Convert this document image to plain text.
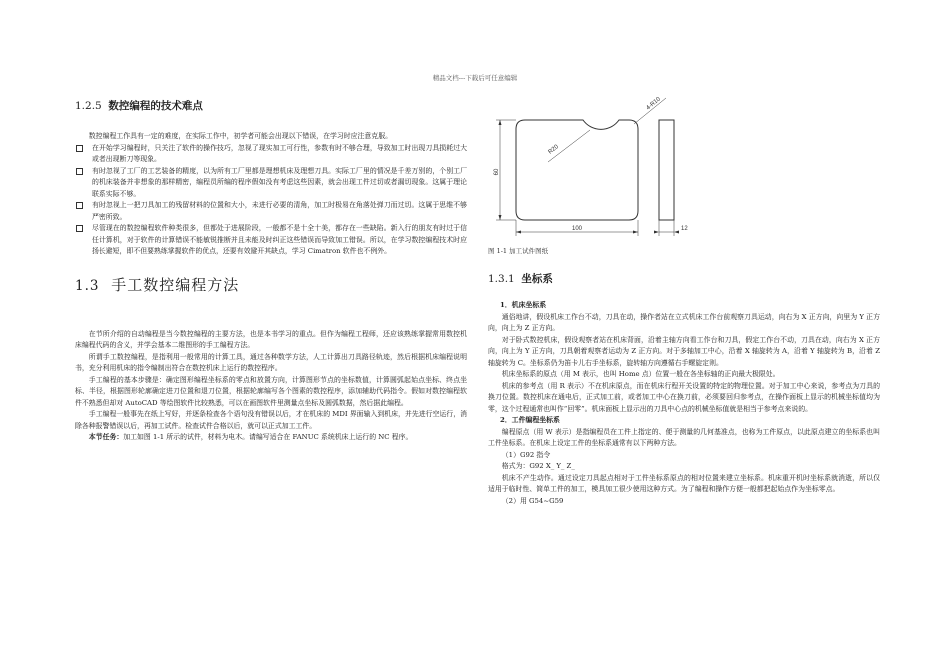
精品文档---下载后可任意编辑
1.2.5 数控编程的技术难点

数控编程工作具有一定的难度，在实际工作中，初学者可能会出现以下错误，在学习时应注意克服。

在开始学习编程时，只关注了软件的操作技巧，忽视了现实加工可行性，参数有时不够合理，导致加工时出现刀具损耗过大或者出现断刀等现象。
有时忽视了工厂的工艺装备的精度，以为所有工厂里都是理想机床及理想刀具。实际工厂里的情况是千差万别的，个别工厂的机床装备并非想象的那样精密，编程员所编的程序假如没有考虑这些因素，就会出现工件过切或者漏切现象。这属于理论联系实际不够。
有时忽视上一把刀具加工的残留材料的位置和大小，未进行必要的清角，加工时极易在角落处弹刀而过切。这属于思维不够严密所致。
尽管现在的数控编程软件种类很多，但都处于进展阶段，一般都不是十全十美，都存在一些缺陷。新入行的朋友有时过于信任计算机，对于软件的计算错误不能敏锐推断并且未能及时纠正这些错误而导致加工错误。所以，在学习数控编程技术时应扬长避短，即不但要熟练掌握软件的优点，还要有效避开其缺点，学习 Cimatron 软件也不例外。
1.3 手工数控编程方法

在节所介绍的自动编程是当今数控编程的主要方法，也是本书学习的重点。但作为编程工程师，还应该熟练掌握常用数控机床编程代码的含义，并学会基本二维图形的手工编程方法。

所谓手工数控编程，是指利用一般常用的计算工具，通过各种数学方法，人工计算出刀具路径轨迹，然后根据机床编程说明书，充分利用机床的指令编制出符合在数控机床上运行的数控程序。

手工编程的基本步骤是：确定图形编程坐标系的零点和放置方向，计算图形节点的坐标数值，计算圆弧起始点坐标、终点坐标、半径，根据图形轮廓确定进刀位置和退刀位置，根据轮廓编写各个图素的数控程序，添加辅助代码指令。假如对数控编程软件不熟悉但却对 AutoCAD 等绘图软件比较熟悉，可以在画图软件里测量点坐标及圆弧数据，然后据此编程。

手工编程一般事先在纸上写好，并逐条检查各个语句没有错误以后，才在机床的 MDI 界面输入到机床，并先进行空运行，消除各种报警错误以后，再加工试件。检查试件合格以后，就可以正式加工工件。

本节任务：加工如图 1-1 所示的试件，材料为电木。请编写适合在 FANUC 系统机床上运行的 NC 程序。

100
60
12
R20
4-R10
图 1-1 加工试件图纸
1.3.1 坐标系

1．机床坐标系

通俗地讲，假设机床工作台不动，刀具在动，操作者站在立式机床工作台前观察刀具运动，向右为 X 正方向，向里为 Y 正方向，向上为 Z 正方向。

对于卧式数控机床，假设观察者站在机床背面，沿着主轴方向看工作台和刀具，假定工作台不动，刀具在动，向右为 X 正方向，向上为 Y 正方向，刀具朝着观察者运动为 Z 正方向。对于多轴加工中心，沿着 X 轴旋转为 A，沿着 Y 轴旋转为 B，沿着 Z 轴旋转为 C。坐标系仍为笛卡儿右手坐标系，旋转轴方向遵循右手螺旋定则。

机床坐标系的原点（用 M 表示，也叫 Home 点）位置一般在各坐标轴的正向最大极限处。

机床的参考点（用 R 表示）不在机床原点，而在机床行程开关设置的特定的物理位置。对于加工中心来说，参考点为刀具的换刀位置。数控机床在通电后，正式加工前，或者加工中心在换刀前，必须要回归参考点，在操作面板上显示的机械坐标值均为零，这个过程通常也叫作“回零”。机床面板上显示出的刀具中心点的机械坐标值就是相当于参考点来说的。

2．工件编程坐标系

编程原点（用 W 表示）是指编程员在工件上指定的、便于测量的几何基准点，也称为工件原点，以此原点建立的坐标系也叫工件坐标系。在机床上设定工件的坐标系通常有以下两种方法。

（1）G92 指令

格式为：G92 X_ Y_ Z_

机床不产生动作。通过设定刀具起点相对于工件坐标系原点的相对位置来建立坐标系。机床重开机时坐标系就消逝，所以仅适用于临时性、简单工件的加工，模具加工很少使用这种方式。为了编程和操作方便一般都把起始点作为坐标零点。

（2）用 G54~G59
